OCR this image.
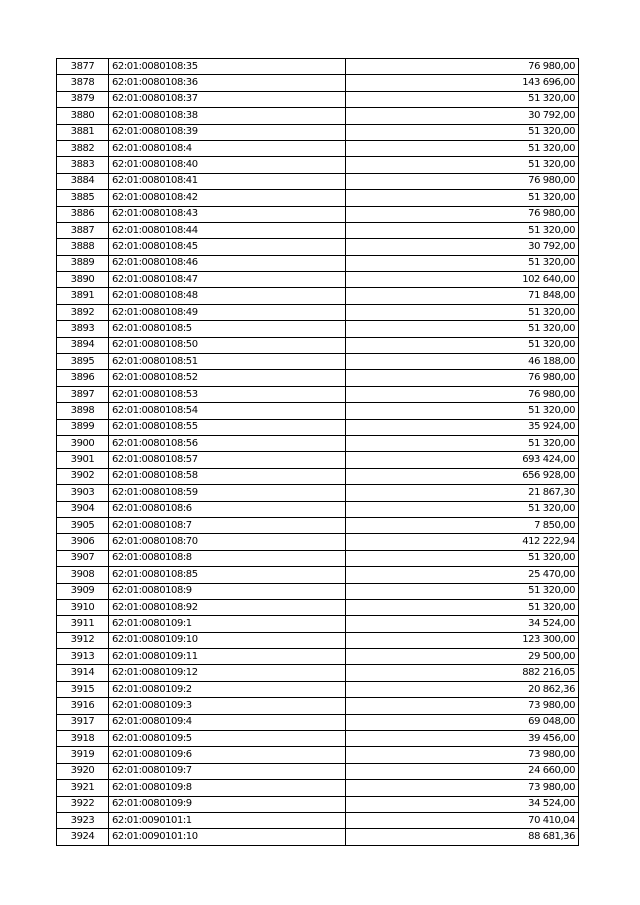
3877	62:01:0080108:35	76 980,00
3878	62:01:0080108:36	143 696,00
3879	62:01:0080108:37	51 320,00
3880	62:01:0080108:38	30 792,00
3881	62:01:0080108:39	51 320,00
3882	62:01:0080108:4	51 320,00
3883	62:01:0080108:40	51 320,00
3884	62:01:0080108:41	76 980,00
3885	62:01:0080108:42	51 320,00
3886	62:01:0080108:43	76 980,00
3887	62:01:0080108:44	51 320,00
3888	62:01:0080108:45	30 792,00
3889	62:01:0080108:46	51 320,00
3890	62:01:0080108:47	102 640,00
3891	62:01:0080108:48	71 848,00
3892	62:01:0080108:49	51 320,00
3893	62:01:0080108:5	51 320,00
3894	62:01:0080108:50	51 320,00
3895	62:01:0080108:51	46 188,00
3896	62:01:0080108:52	76 980,00
3897	62:01:0080108:53	76 980,00
3898	62:01:0080108:54	51 320,00
3899	62:01:0080108:55	35 924,00
3900	62:01:0080108:56	51 320,00
3901	62:01:0080108:57	693 424,00
3902	62:01:0080108:58	656 928,00
3903	62:01:0080108:59	21 867,30
3904	62:01:0080108:6	51 320,00
3905	62:01:0080108:7	7 850,00
3906	62:01:0080108:70	412 222,94
3907	62:01:0080108:8	51 320,00
3908	62:01:0080108:85	25 470,00
3909	62:01:0080108:9	51 320,00
3910	62:01:0080108:92	51 320,00
3911	62:01:0080109:1	34 524,00
3912	62:01:0080109:10	123 300,00
3913	62:01:0080109:11	29 500,00
3914	62:01:0080109:12	882 216,05
3915	62:01:0080109:2	20 862,36
3916	62:01:0080109:3	73 980,00
3917	62:01:0080109:4	69 048,00
3918	62:01:0080109:5	39 456,00
3919	62:01:0080109:6	73 980,00
3920	62:01:0080109:7	24 660,00
3921	62:01:0080109:8	73 980,00
3922	62:01:0080109:9	34 524,00
3923	62:01:0090101:1	70 410,04
3924	62:01:0090101:10	88 681,36
